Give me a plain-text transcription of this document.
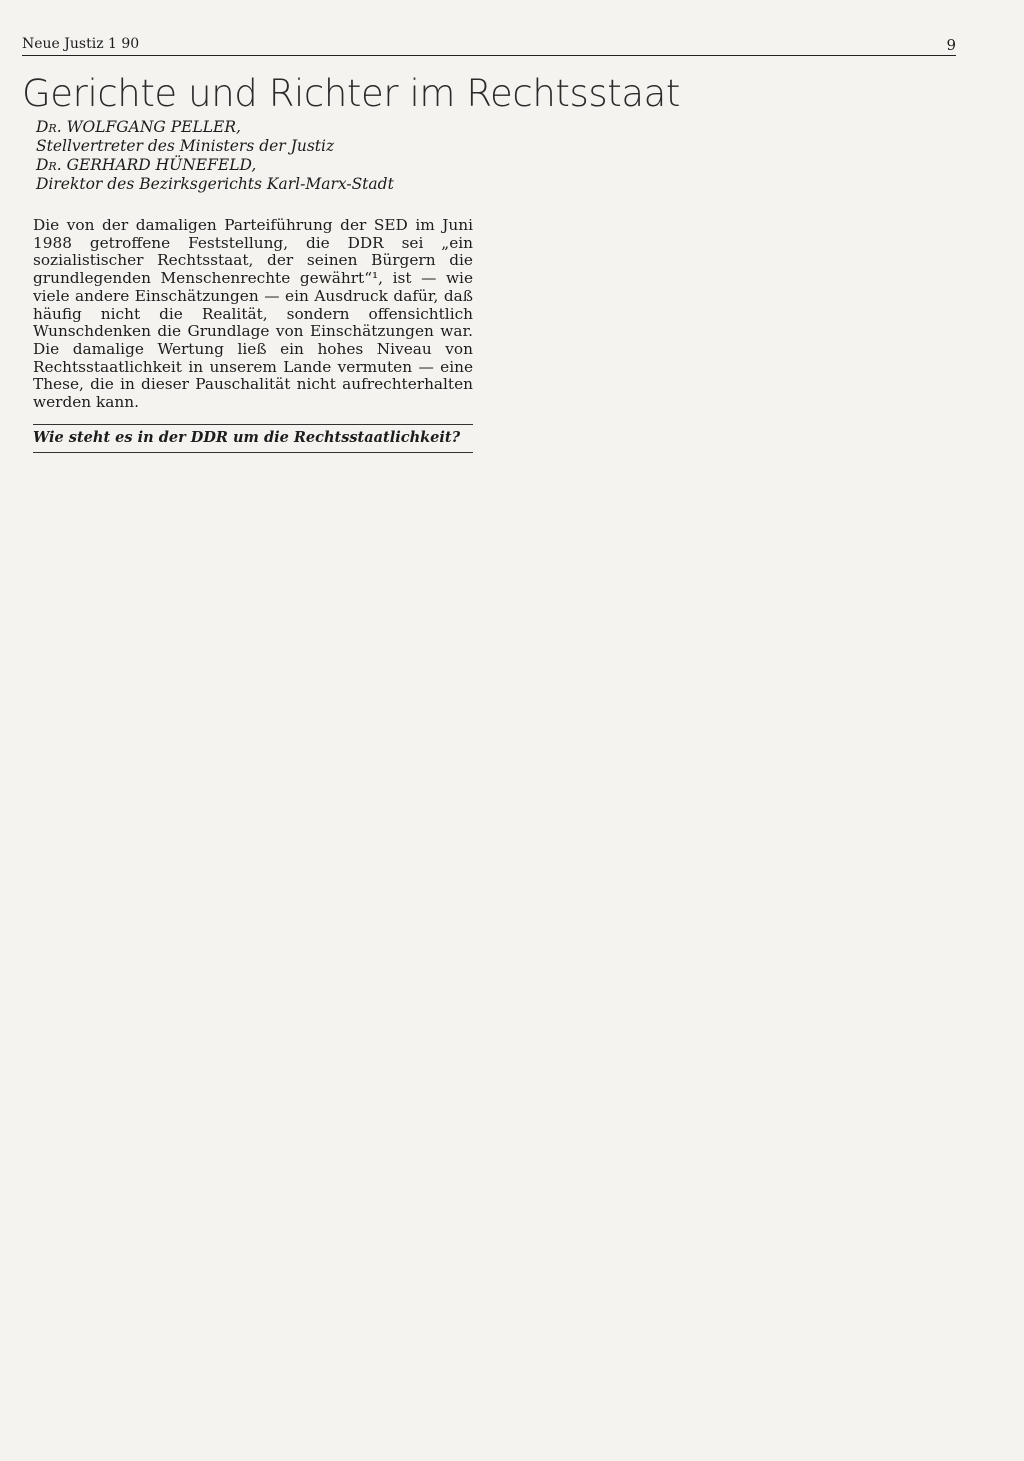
Neue Justiz 1 90	9
Gerichte und Richter im Rechtsstaat
Dr. WOLFGANG PELLER,
Stellvertreter des Ministers der Justiz
Dr. GERHARD HÜNEFELD,
Direktor des Bezirksgerichts Karl-Marx-Stadt

Die von der damaligen Parteiführung der SED im Juni 1988 getroffene Feststellung, die DDR sei „ein sozialistischer Rechtsstaat, der seinen Bürgern die grundlegenden Menschenrechte gewährt“¹, ist — wie viele andere Einschätzungen — ein Ausdruck dafür, daß häufig nicht die Realität, sondern offensichtlich Wunschdenken die Grundlage von Einschätzungen war. Die damalige Wertung ließ ein hohes Niveau von Rechtsstaatlichkeit in unserem Lande vermuten — eine These, die in dieser Pauschalität nicht aufrechterhalten werden kann.

Wie steht es in der DDR um die Rechtsstaatlichkeit?
